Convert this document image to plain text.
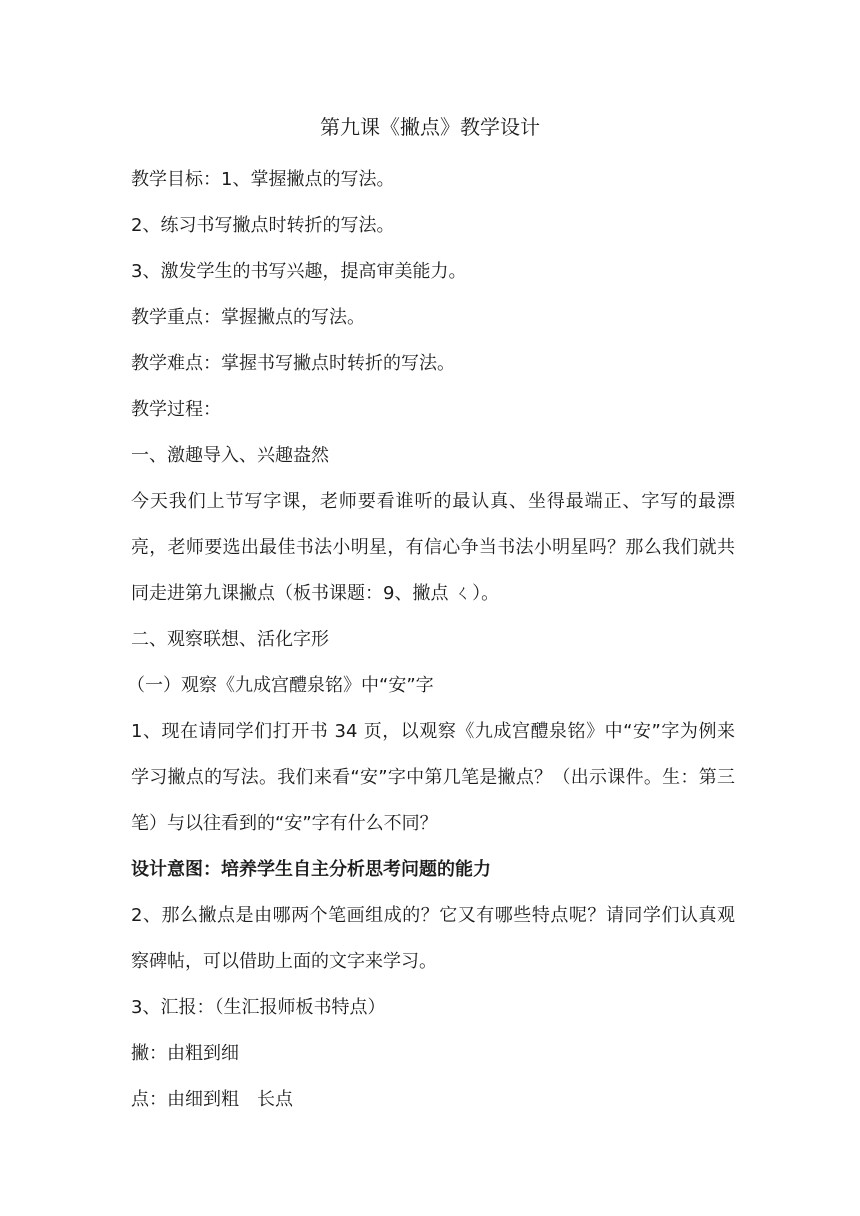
第九课《撇点》教学设计

教学目标：1、掌握撇点的写法。

2、练习书写撇点时转折的写法。

3、激发学生的书写兴趣，提高审美能力。

教学重点：掌握撇点的写法。

教学难点：掌握书写撇点时转折的写法。

教学过程：

一、激趣导入、兴趣盎然

今天我们上节写字课，老师要看谁听的最认真、坐得最端正、字写的最漂亮，老师要选出最佳书法小明星，有信心争当书法小明星吗？那么我们就共同走进第九课撇点（板书课题：9、撇点 ㄑ）。

二、观察联想、活化字形

（一）观察《九成宫醴泉铭》中“安”字

1、现在请同学们打开书 34 页，以观察《九成宫醴泉铭》中“安”字为例来学习撇点的写法。我们来看“安”字中第几笔是撇点？（出示课件。生：第三笔）与以往看到的“安”字有什么不同？

设计意图：培养学生自主分析思考问题的能力

2、那么撇点是由哪两个笔画组成的？它又有哪些特点呢？请同学们认真观察碑帖，可以借助上面的文字来学习。

3、汇报：（生汇报师板书特点）

撇：由粗到细

点：由细到粗　长点
